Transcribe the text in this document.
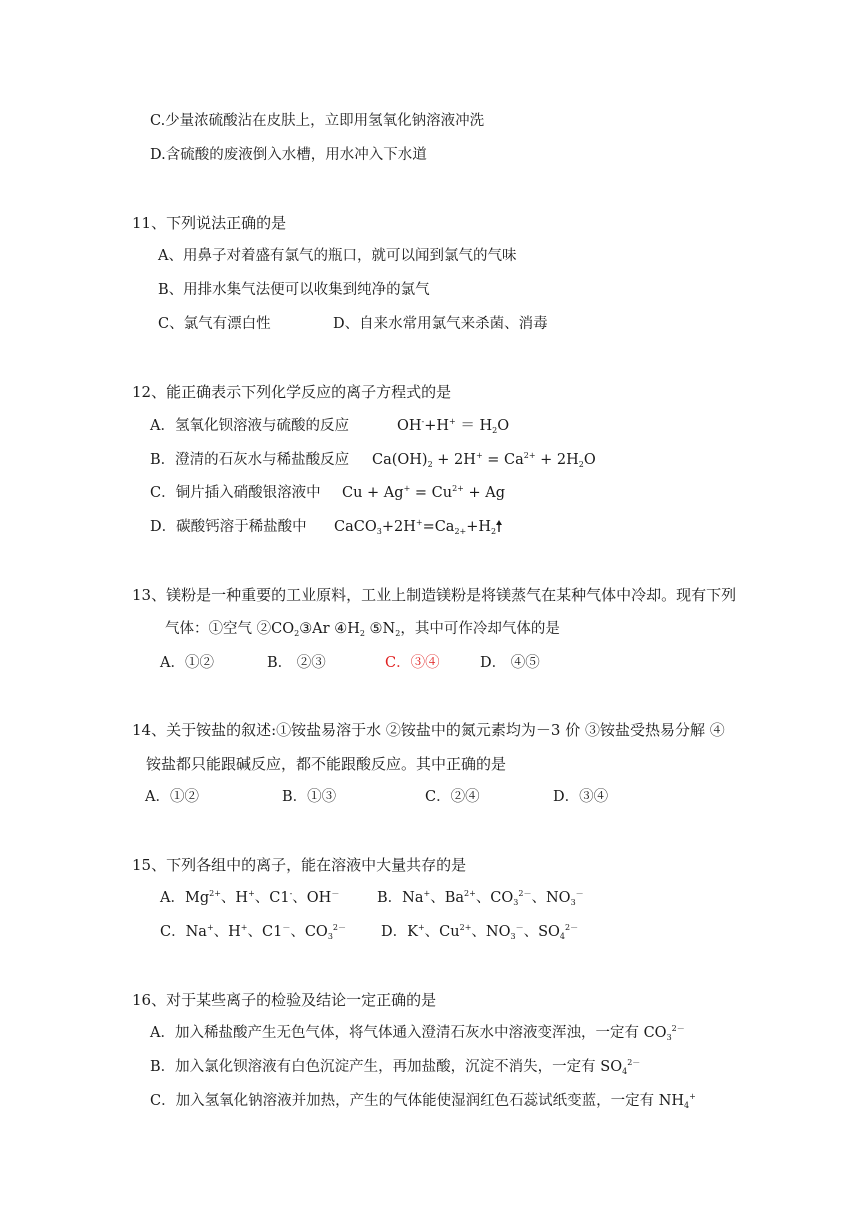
C.少量浓硫酸沾在皮肤上，立即用氢氧化钠溶液冲洗
D.含硫酸的废液倒入水槽，用水冲入下水道
11、下列说法正确的是
A、用鼻子对着盛有氯气的瓶口，就可以闻到氯气的气味
B、用排水集气法便可以收集到纯净的氯气
C、氯气有漂白性	D、自来水常用氯气来杀菌、消毒
12、能正确表示下列化学反应的离子方程式的是
A．氢氧化钡溶液与硫酸的反应	$OH^-+H^+ = H_2O$
B．澄清的石灰水与稀盐酸反应 $Ca(OH)_2 + 2H^+ = Ca^{2+} + 2H_2O$
C．铜片插入硝酸银溶液中 $Cu + Ag^+ = Cu^{2+} + Ag$
D．碳酸钙溶于稀盐酸中 $CaCO_3+2H^+=Ca_{2+}+H_2$
13、镁粉是一种重要的工业原料，工业上制造镁粉是将镁蒸气在某种气体中冷却。现有下列
气体：①空气 $②CO_2③Ar$ $④H_2$ $⑤N_2$，其中可作冷却气体的是
A．①②	B． ②③	C．③④	D． ④⑤
14、关于铵盐的叙述:①铵盐易溶于水 ②铵盐中的氮元素均为－3 价 ③铵盐受热易分解 ④
铵盐都只能跟碱反应，都不能跟酸反应。其中正确的是
A．①②	B．①③	C．②④	D．③④
15、下列各组中的离子，能在溶液中大量共存的是
A．$Mg^{2+}$、H+、C1-、OH－	B．Na+、$Ba^{2+}$、$CO_3^{2-}$、$NO_3^-$
C．Na+、H+、C1－、$CO_3^{2-}$ D．K+、$Cu^{2+}$、$NO_3^-$、$SO_4^{2-}$
16、对于某些离子的检验及结论一定正确的是
A．加入稀盐酸产生无色气体，将气体通入澄清石灰水中溶液变浑浊，一定有 $CO_3^{2-}$
B．加入氯化钡溶液有白色沉淀产生，再加盐酸，沉淀不消失，一定有 $SO_4^{2-}$
C．加入氢氧化钠溶液并加热，产生的气体能使湿润红色石蕊试纸变蓝，一定有 $NH_4^+$
